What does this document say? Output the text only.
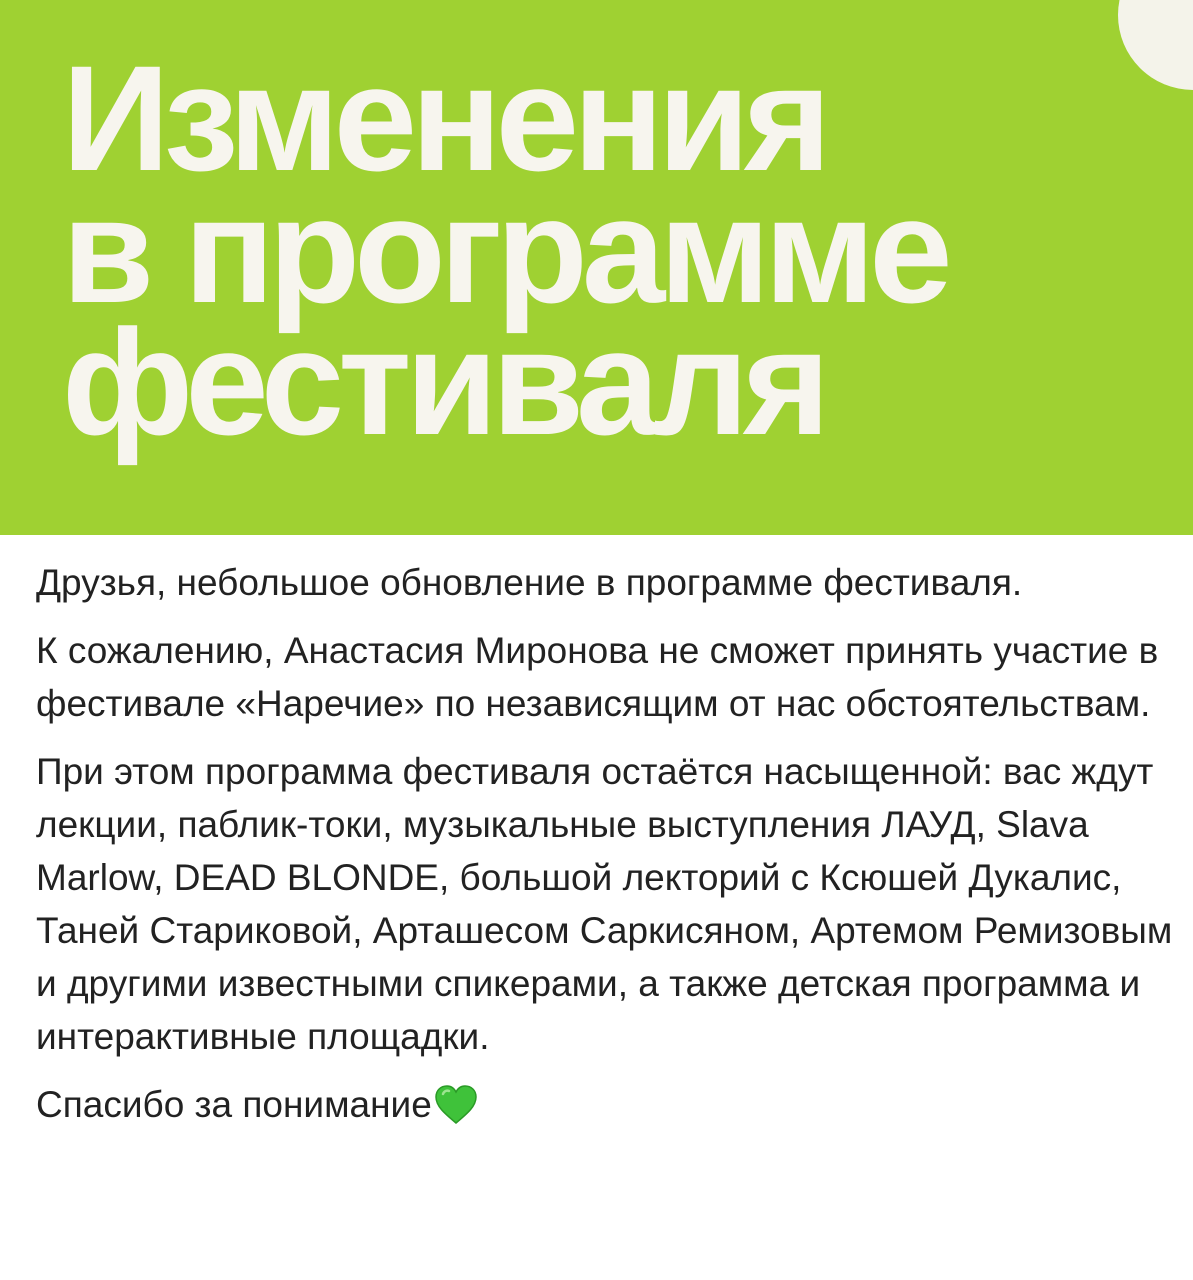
Изменения
в программе
фестиваля

Друзья, небольшое обновление в программе фестиваля.

К сожалению, Анастасия Миронова не сможет принять участие в фестивале «Наречие» по независящим от нас обстоятельствам.

При этом программа фестиваля остаётся насыщенной: вас ждут лекции, паблик-токи, музыкальные выступления ЛАУД, Slava Marlow, DEAD BLONDE, большой лекторий с Ксюшей Дукалис, Таней Стариковой, Арташесом Саркисяном, Артемом Ремизовым и другими известными спикерами, а также детская программа и интерактивные площадки.

Спасибо за понимание
